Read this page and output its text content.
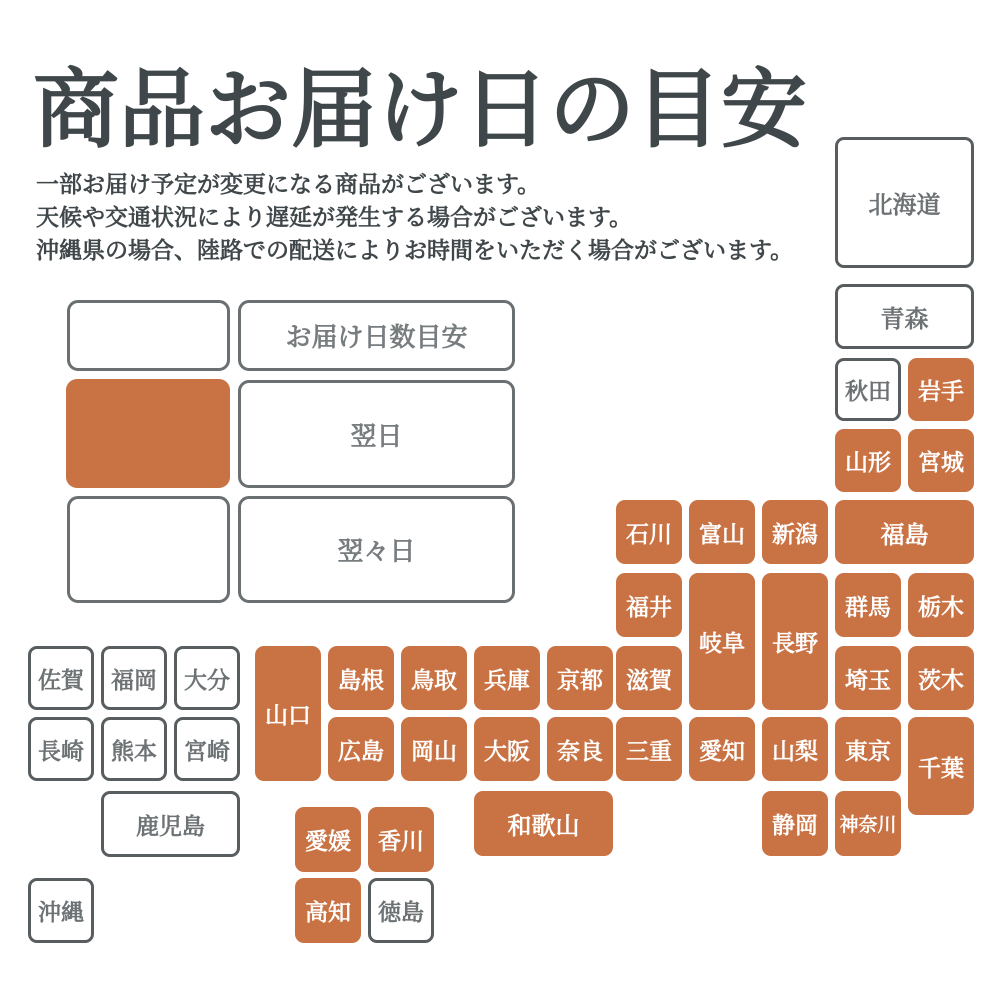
商品お届け日の目安

一部お届け予定が変更になる商品がございます。

天候や交通状況により遅延が発生する場合がございます。

沖縄県の場合、陸路での配送によりお時間をいただく場合がございます。

お届け日数目安
翌日
翌々日
北海道
青森
秋田	岩手
山形	宮城
石川	富山	新潟	福島
福井
岐阜	長野
群馬	栃木
佐賀	福岡	大分
山口
島根	鳥取	兵庫	京都	滋賀	埼玉	茨木
長崎	熊本	宮崎	広島	岡山	大阪	奈良	三重	愛知	山梨	東京
千葉
鹿児島	和歌山	静岡	神奈川
愛媛	香川
沖縄	高知	徳島
